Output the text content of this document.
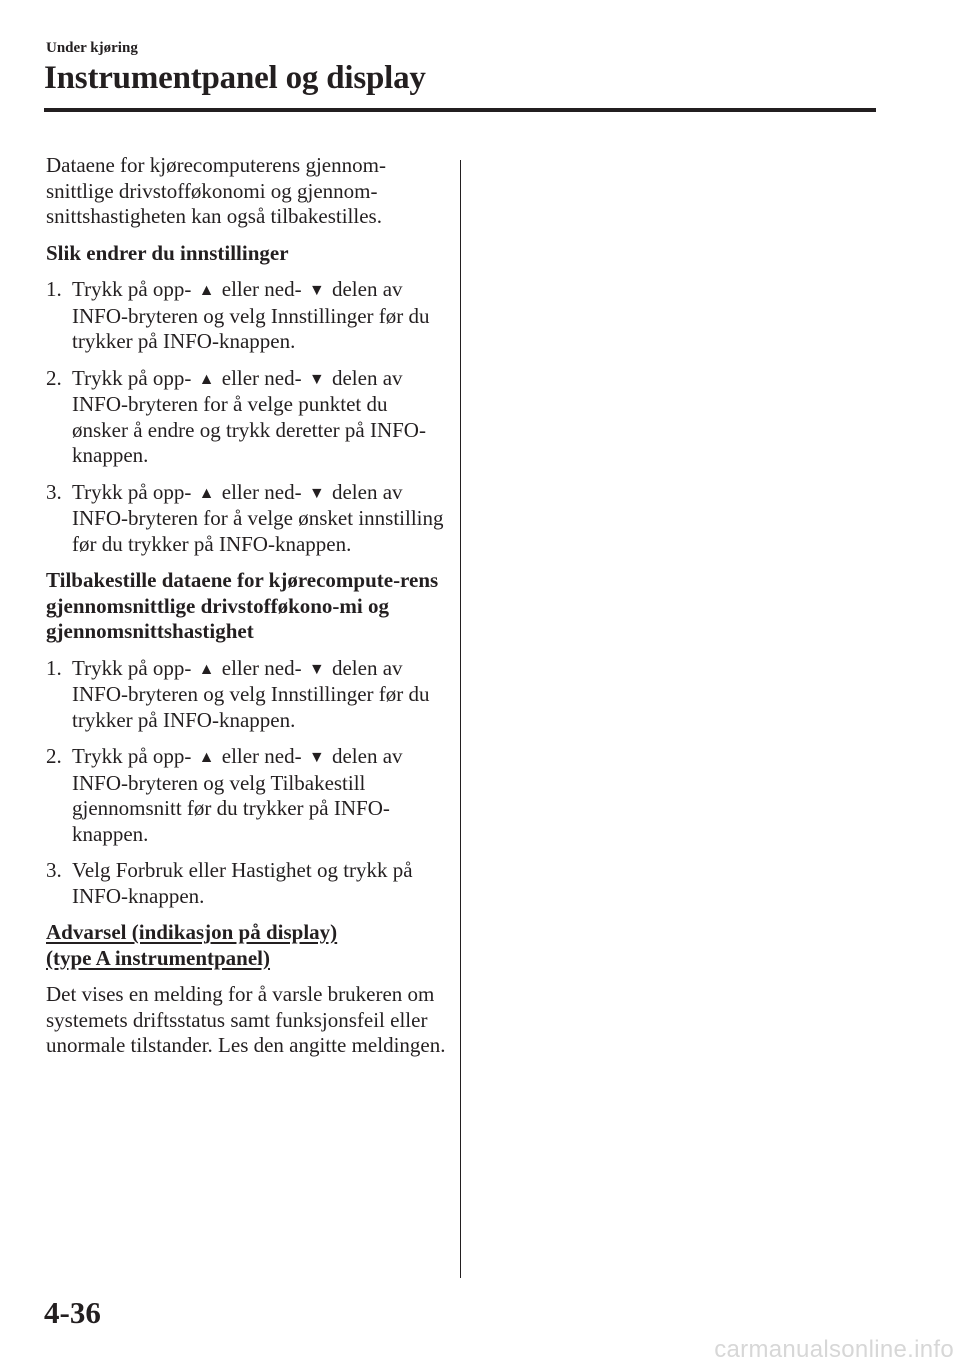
Under kjøring
Instrumentpanel og display

Dataene for kjørecomputerens gjennom-snittlige drivstofføkonomi og gjennom-snittshastigheten kan også tilbakestilles.

Slik endrer du innstillinger

1. Trykk på opp- ▲ eller ned- ▼ delen av INFO-bryteren og velg Innstillinger før du trykker på INFO-knappen.
2. Trykk på opp- ▲ eller ned- ▼ delen av INFO-bryteren for å velge punktet du ønsker å endre og trykk deretter på INFO-knappen.
3. Trykk på opp- ▲ eller ned- ▼ delen av INFO-bryteren for å velge ønsket innstilling før du trykker på INFO-knappen.

Tilbakestille dataene for kjørecompute-rens gjennomsnittlige drivstofføkono-mi og gjennomsnittshastighet

1. Trykk på opp- ▲ eller ned- ▼ delen av INFO-bryteren og velg Innstillinger før du trykker på INFO-knappen.
2. Trykk på opp- ▲ eller ned- ▼ delen av INFO-bryteren og velg Tilbakestill gjennomsnitt før du trykker på INFO-knappen.
3. Velg Forbruk eller Hastighet og trykk på INFO-knappen.

Advarsel (indikasjon på display)
(type A instrumentpanel)

Det vises en melding for å varsle brukeren om systemets driftsstatus samt funksjonsfeil eller unormale tilstander. Les den angitte meldingen.

4-36
carmanualsonline.info
